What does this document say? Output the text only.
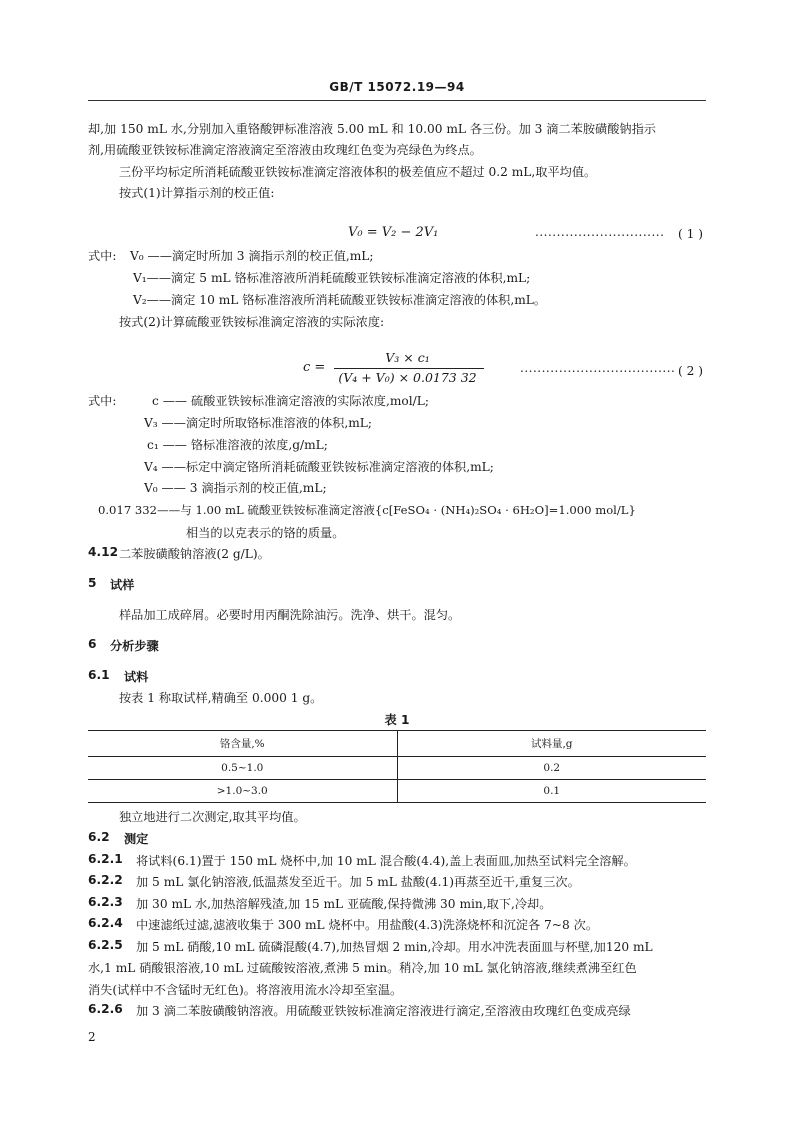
GB/T 15072.19—94
却,加 150 mL 水,分别加入重铬酸钾标准溶液 5.00 mL 和 10.00 mL 各三份。加 3 滴二苯胺磺酸钠指示
剂,用硫酸亚铁铵标准滴定溶液滴定至溶液由玫瑰红色变为亮绿色为终点。
三份平均标定所消耗硫酸亚铁铵标准滴定溶液体积的极差值应不超过 0.2 mL,取平均值。
按式(1)计算指示剂的校正值:
V₀ = V₂ − 2V₁	.............................. ( 1 )
式中: V₀ ——滴定时所加 3 滴指示剂的校正值,mL;
V₁——滴定 5 mL 铬标准溶液所消耗硫酸亚铁铵标准滴定溶液的体积,mL;
V₂——滴定 10 mL 铬标准溶液所消耗硫酸亚铁铵标准滴定溶液的体积,mL。
按式(2)计算硫酸亚铁铵标准滴定溶液的实际浓度:
c =
V₃ × c₁
(V₄ + V₀) × 0.0173 32
.................................... ( 2 )
式中:	c —— 硫酸亚铁铵标准滴定溶液的实际浓度,mol/L;
V₃ ——滴定时所取铬标准溶液的体积,mL;
c₁ —— 铬标准溶液的浓度,g/mL;
V₄ ——标定中滴定铬所消耗硫酸亚铁铵标准滴定溶液的体积,mL;
V₀ —— 3 滴指示剂的校正值,mL;
0.017 332——与 1.00 mL 硫酸亚铁铵标准滴定溶液{c[FeSO₄ · (NH₄)₂SO₄ · 6H₂O]=1.000 mol/L}
相当的以克表示的铬的质量。
4.12 二苯胺磺酸钠溶液(2 g/L)。
5 试样
样品加工成碎屑。必要时用丙酮洗除油污。洗净、烘干。混匀。
6 分析步骤
6.1 试料
按表 1 称取试样,精确至 0.000 1 g。
表 1
铬含量,%	试料量,g
0.5~1.0	0.2
>1.0~3.0	0.1
独立地进行二次测定,取其平均值。
6.2 测定
6.2.1 将试料(6.1)置于 150 mL 烧杯中,加 10 mL 混合酸(4.4),盖上表面皿,加热至试料完全溶解。
6.2.2 加 5 mL 氯化钠溶液,低温蒸发至近干。加 5 mL 盐酸(4.1)再蒸至近干,重复三次。
6.2.3 加 30 mL 水,加热溶解残渣,加 15 mL 亚硫酸,保持微沸 30 min,取下,冷却。
6.2.4 中速滤纸过滤,滤液收集于 300 mL 烧杯中。用盐酸(4.3)洗涤烧杯和沉淀各 7~8 次。
6.2.5 加 5 mL 硝酸,10 mL 硫磷混酸(4.7),加热冒烟 2 min,冷却。用水冲洗表面皿与杯壁,加120 mL
水,1 mL 硝酸银溶液,10 mL 过硫酸铵溶液,煮沸 5 min。稍冷,加 10 mL 氯化钠溶液,继续煮沸至红色
消失(试样中不含锰时无红色)。将溶液用流水冷却至室温。
6.2.6 加 3 滴二苯胺磺酸钠溶液。用硫酸亚铁铵标准滴定溶液进行滴定,至溶液由玫瑰红色变成亮绿
2
